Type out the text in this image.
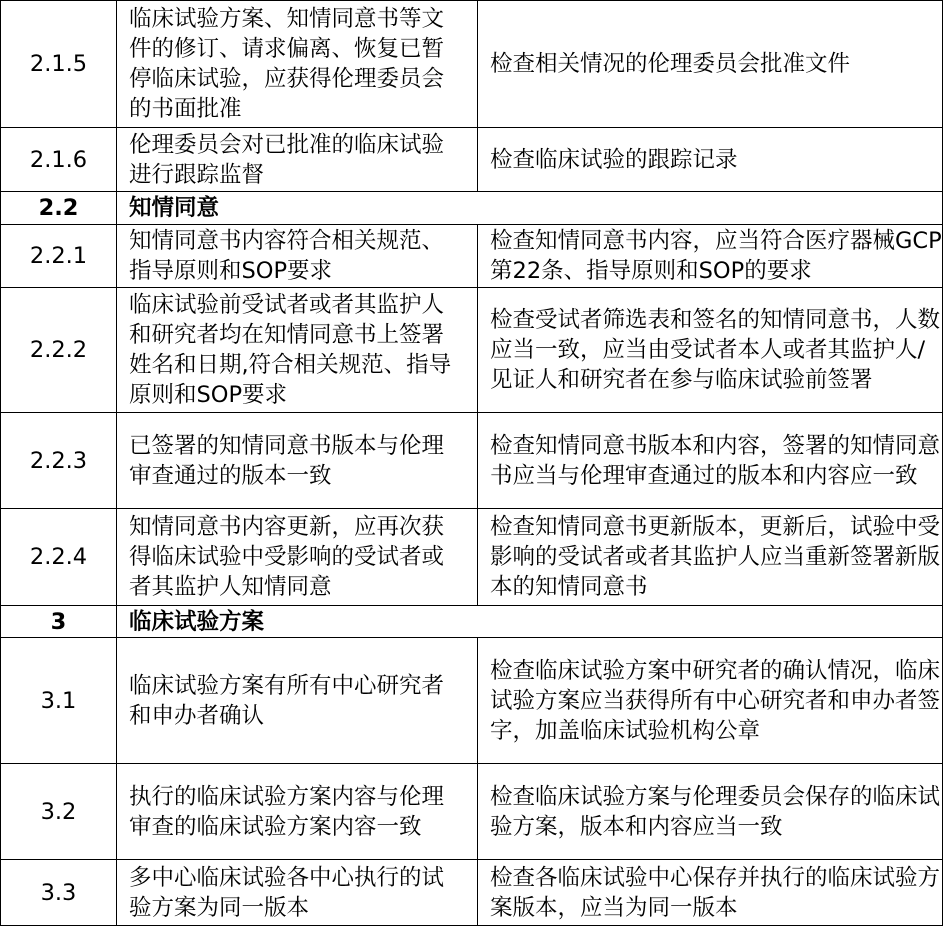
2.1.5	临床试验方案、知情同意书等文件的修订、请求偏离、恢复已暂停临床试验，应获得伦理委员会的书面批准	检查相关情况的伦理委员会批准文件
2.1.6	伦理委员会对已批准的临床试验进行跟踪监督	检查临床试验的跟踪记录
2.2	知情同意	
2.2.1	知情同意书内容符合相关规范、指导原则和SOP要求	检查知情同意书内容，应当符合医疗器械GCP第22条、指导原则和SOP的要求
2.2.2	临床试验前受试者或者其监护人和研究者均在知情同意书上签署姓名和日期,符合相关规范、指导原则和SOP要求	检查受试者筛选表和签名的知情同意书，人数应当一致，应当由受试者本人或者其监护人/见证人和研究者在参与临床试验前签署
2.2.3	已签署的知情同意书版本与伦理审查通过的版本一致	检查知情同意书版本和内容，签署的知情同意书应当与伦理审查通过的版本和内容应一致
2.2.4	知情同意书内容更新，应再次获得临床试验中受影响的受试者或者其监护人知情同意	检查知情同意书更新版本，更新后，试验中受影响的受试者或者其监护人应当重新签署新版本的知情同意书
3	临床试验方案	
3.1	临床试验方案有所有中心研究者和申办者确认	检查临床试验方案中研究者的确认情况，临床试验方案应当获得所有中心研究者和申办者签字，加盖临床试验机构公章
3.2	执行的临床试验方案内容与伦理审查的临床试验方案内容一致	检查临床试验方案与伦理委员会保存的临床试验方案，版本和内容应当一致
3.3	多中心临床试验各中心执行的试验方案为同一版本	检查各临床试验中心保存并执行的临床试验方案版本，应当为同一版本
